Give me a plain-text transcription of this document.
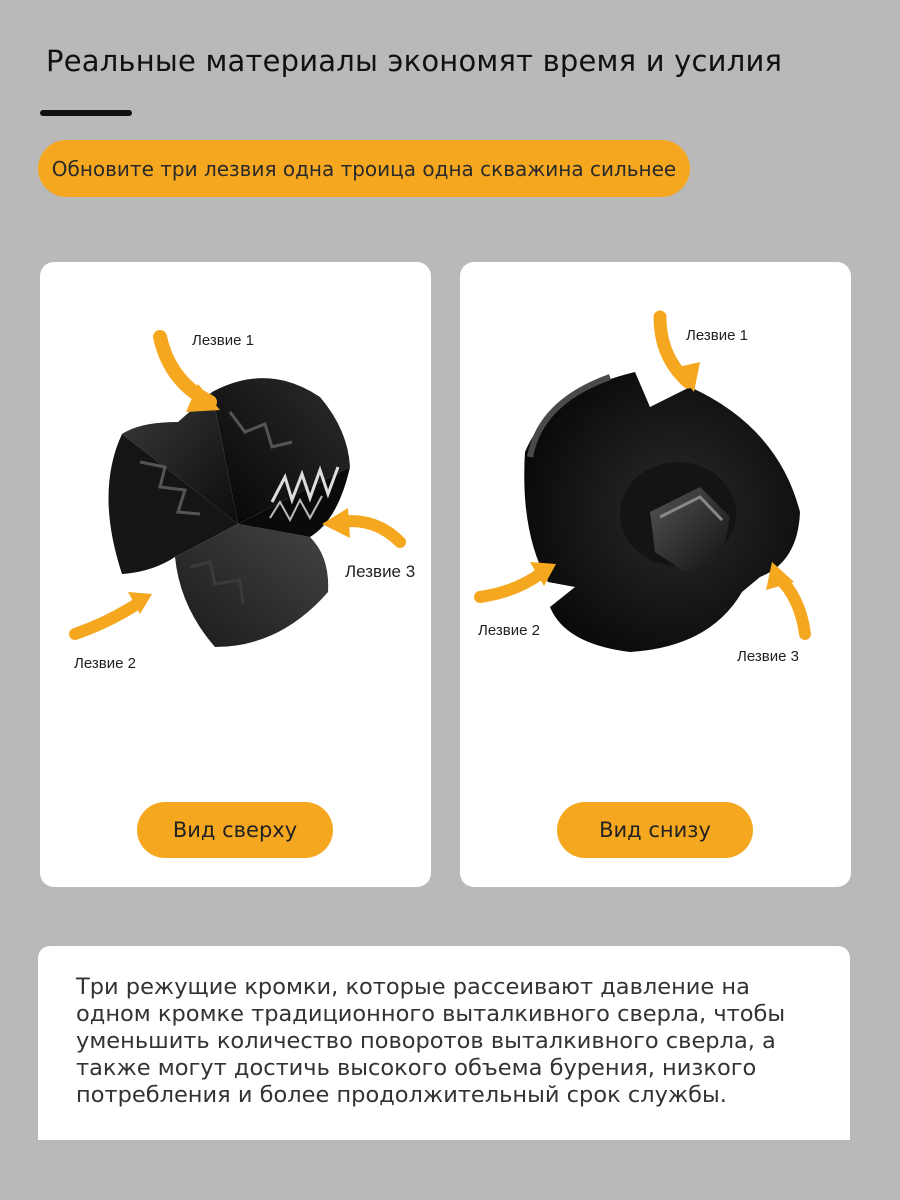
Реальные материалы экономят время и усилия
Обновите три лезвия одна троица одна скважина сильнее
Лезвие 1
Лезвие 3
Лезвие 2
Вид сверху
Лезвие 1
Лезвие 2
Лезвие 3
Вид снизу
Три режущие кромки, которые рассеивают давление на одном кромке традиционного выталкивного сверла, чтобы уменьшить количество поворотов выталкивного сверла, а также могут достичь высокого объема бурения, низкого потребления и более продолжительный срок службы.
